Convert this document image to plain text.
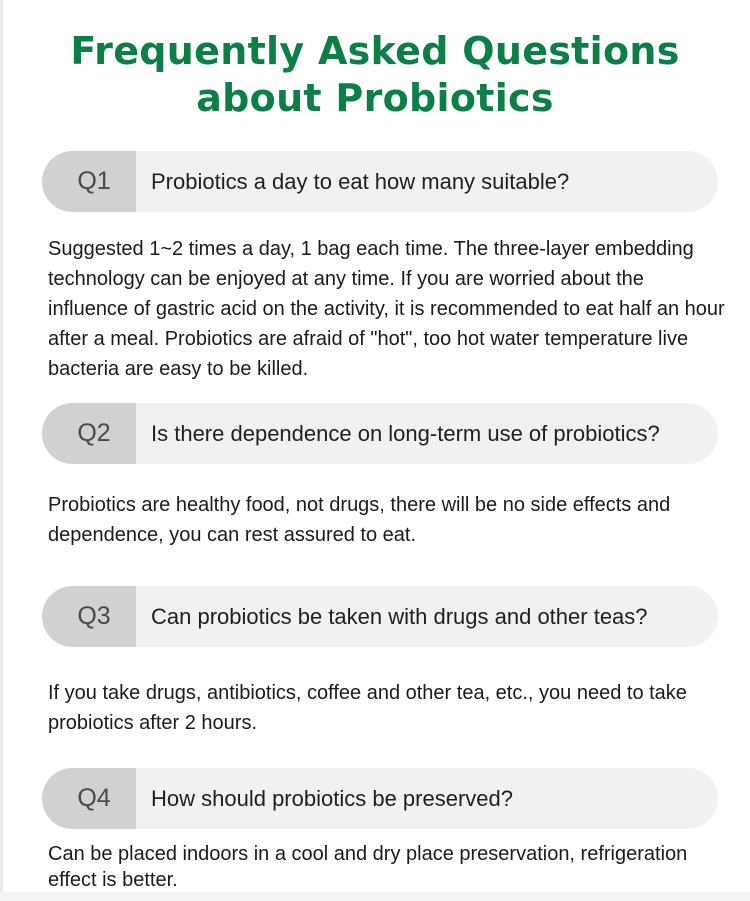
Frequently Asked Questions
about Probiotics
Q1	Probiotics a day to eat how many suitable?

Suggested 1~2 times a day, 1 bag each time. The three-layer embedding technology can be enjoyed at any time. If you are worried about the influence of gastric acid on the activity, it is recommended to eat half an hour after a meal. Probiotics are afraid of "hot", too hot water temperature live bacteria are easy to be killed.

Q2	Is there dependence on long-term use of probiotics?

Probiotics are healthy food, not drugs, there will be no side effects and dependence, you can rest assured to eat.

Q3	Can probiotics be taken with drugs and other teas?

If you take drugs, antibiotics, coffee and other tea, etc., you need to take probiotics after 2 hours.

Q4	How should probiotics be preserved?

Can be placed indoors in a cool and dry place preservation, refrigeration effect is better.
